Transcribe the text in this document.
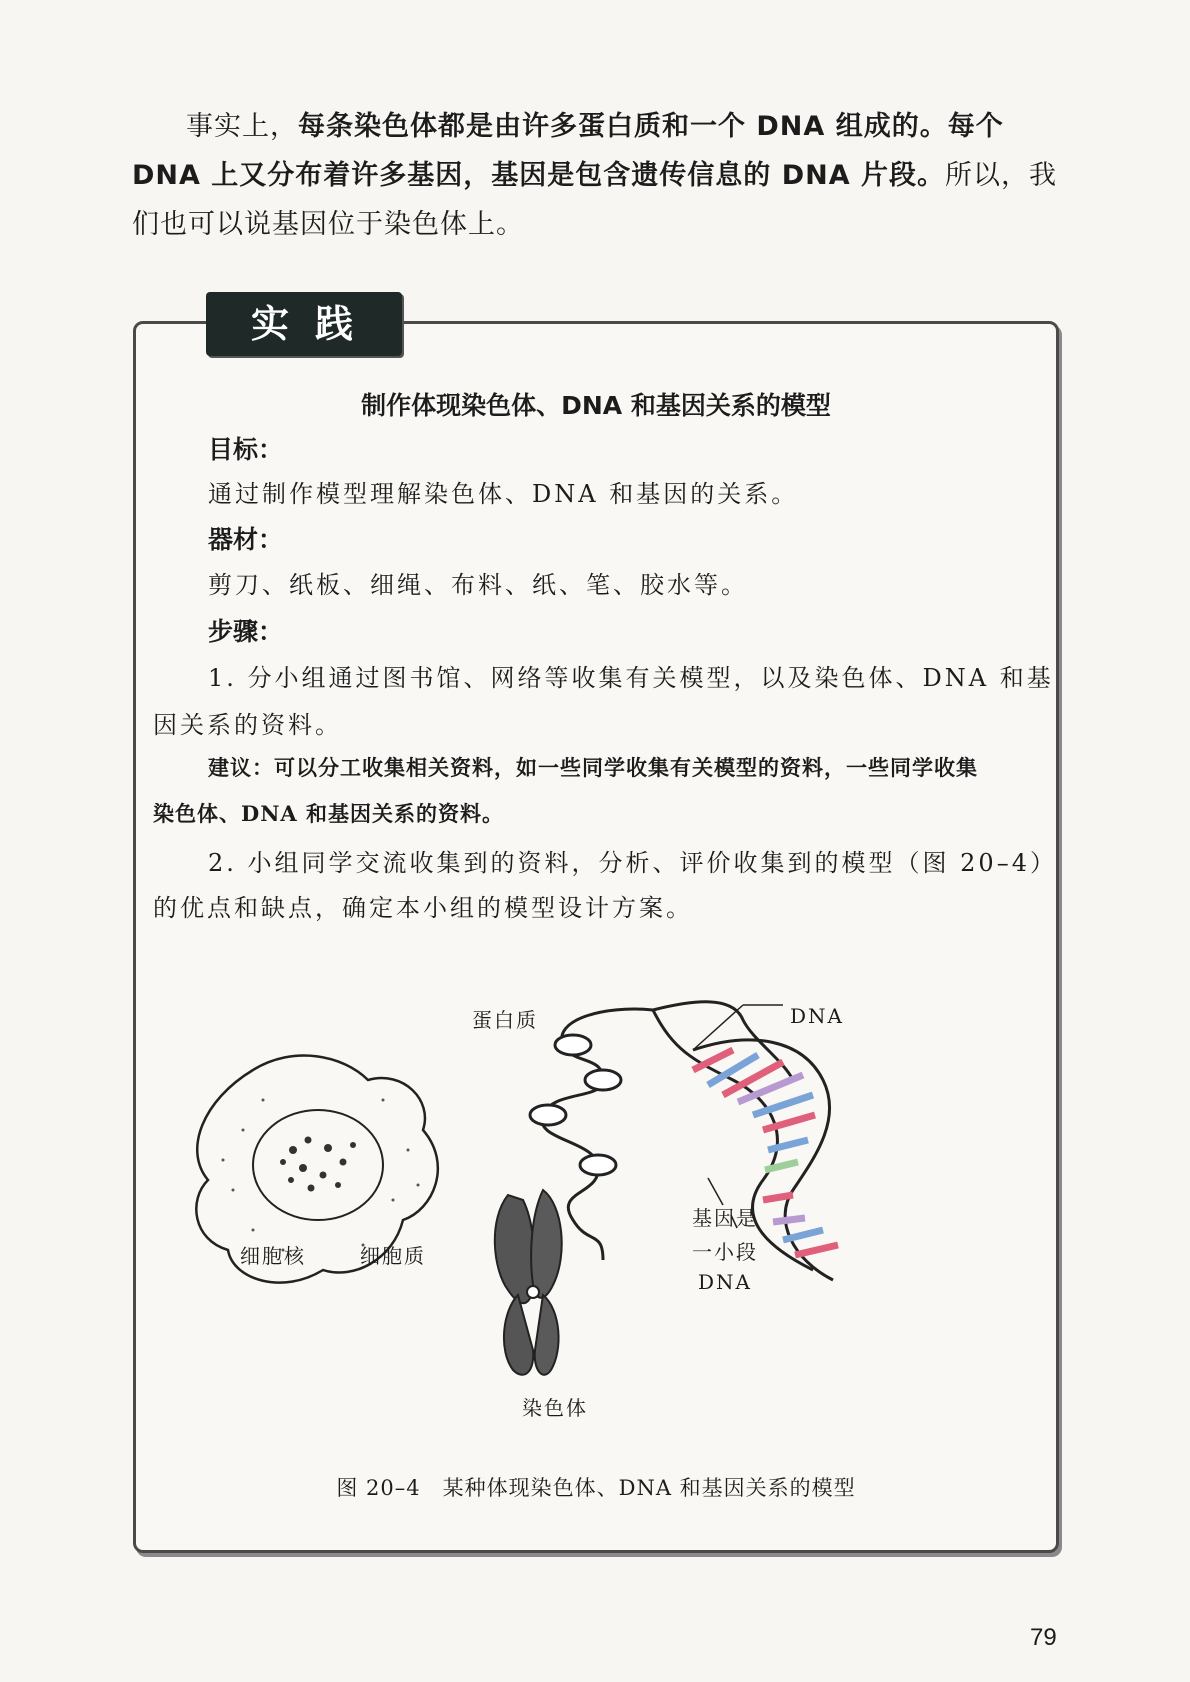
事实上，每条染色体都是由许多蛋白质和一个 DNA 组成的。每个 DNA 上又分布着许多基因，基因是包含遗传信息的 DNA 片段。所以，我们也可以说基因位于染色体上。

实践
制作体现染色体、DNA 和基因关系的模型
目标：
通过制作模型理解染色体、DNA 和基因的关系。
器材：
剪刀、纸板、细绳、布料、纸、笔、胶水等。
步骤：
1. 分小组通过图书馆、网络等收集有关模型，以及染色体、DNA 和基
因关系的资料。
建议：可以分工收集相关资料，如一些同学收集有关模型的资料，一些同学收集
染色体、DNA 和基因关系的资料。
2. 小组同学交流收集到的资料，分析、评价收集到的模型（图 20–4）
的优点和缺点，确定本小组的模型设计方案。
蛋白质	DNA
细胞核	细胞质
基因是
一小段
DNA
染色体
图 20–4　某种体现染色体、DNA 和基因关系的模型
79
